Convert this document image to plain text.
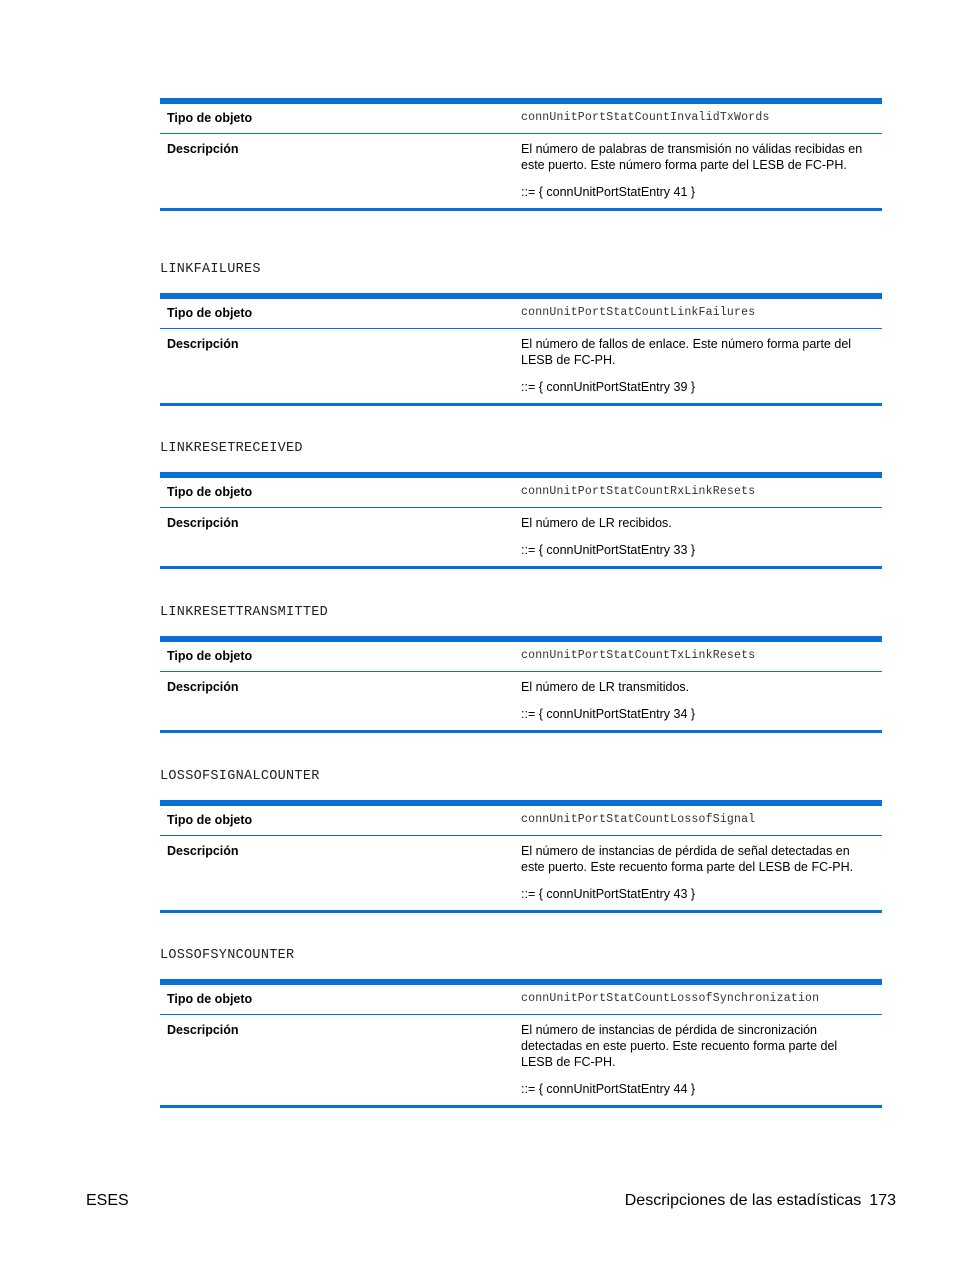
Tipo de objeto	connUnitPortStatCountInvalidTxWords
Descripción	El número de palabras de transmisión no válidas recibidas en este puerto. Este número forma parte del LESB de FC-PH.

::= { connUnitPortStatEntry 41 }

LINKFAILURES
Tipo de objeto	connUnitPortStatCountLinkFailures
Descripción	El número de fallos de enlace. Este número forma parte del LESB de FC-PH.

::= { connUnitPortStatEntry 39 }

LINKRESETRECEIVED
Tipo de objeto	connUnitPortStatCountRxLinkResets
Descripción	El número de LR recibidos.

::= { connUnitPortStatEntry 33 }

LINKRESETTRANSMITTED
Tipo de objeto	connUnitPortStatCountTxLinkResets
Descripción	El número de LR transmitidos.

::= { connUnitPortStatEntry 34 }

LOSSOFSIGNALCOUNTER
Tipo de objeto	connUnitPortStatCountLossofSignal
Descripción	El número de instancias de pérdida de señal detectadas en este puerto. Este recuento forma parte del LESB de FC-PH.

::= { connUnitPortStatEntry 43 }

LOSSOFSYNCOUNTER
Tipo de objeto	connUnitPortStatCountLossofSynchronization
Descripción	El número de instancias de pérdida de sincronización detectadas en este puerto. Este recuento forma parte del LESB de FC-PH.

::= { connUnitPortStatEntry 44 }

ESES	Descripciones de las estadísticas 173
